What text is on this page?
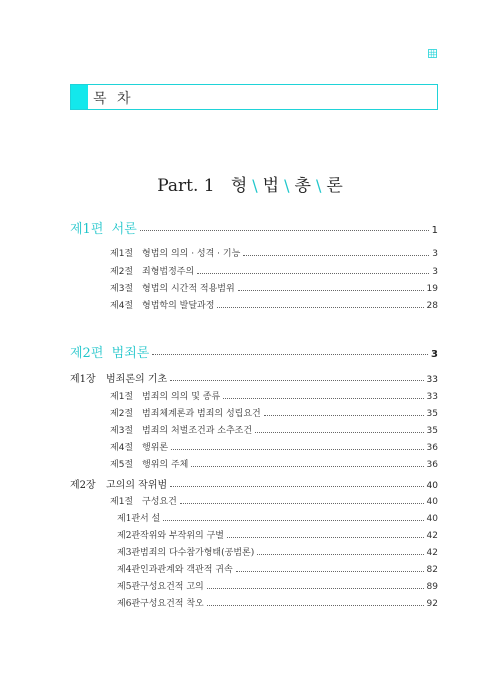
목 차
Part. 1 형 \ 법 \ 총 \ 론
제1편 서론	1
제1절 형법의 의의 · 성격 · 기능	3
제2절 죄형법정주의	3
제3절 형법의 시간적 적용범위	19
제4절 형법학의 발달과정	28
제2편 범죄론	3
제1장 범죄론의 기초	33
제1절 범죄의 의의 및 종류	33
제2절 범죄체계론과 범죄의 성립요건	35
제3절 범죄의 처벌조건과 소추조건	35
제4절 행위론	36
제5절 행위의 주체	36
제2장 고의의 작위범	40
제1절 구성요건	40
제1관서 설	40
제2관작위와 부작위의 구별	42
제3관범죄의 다수참가형태(공범론)	42
제4관인과관계와 객관적 귀속	82
제5관구성요건적 고의	89
제6관구성요건적 착오	92
